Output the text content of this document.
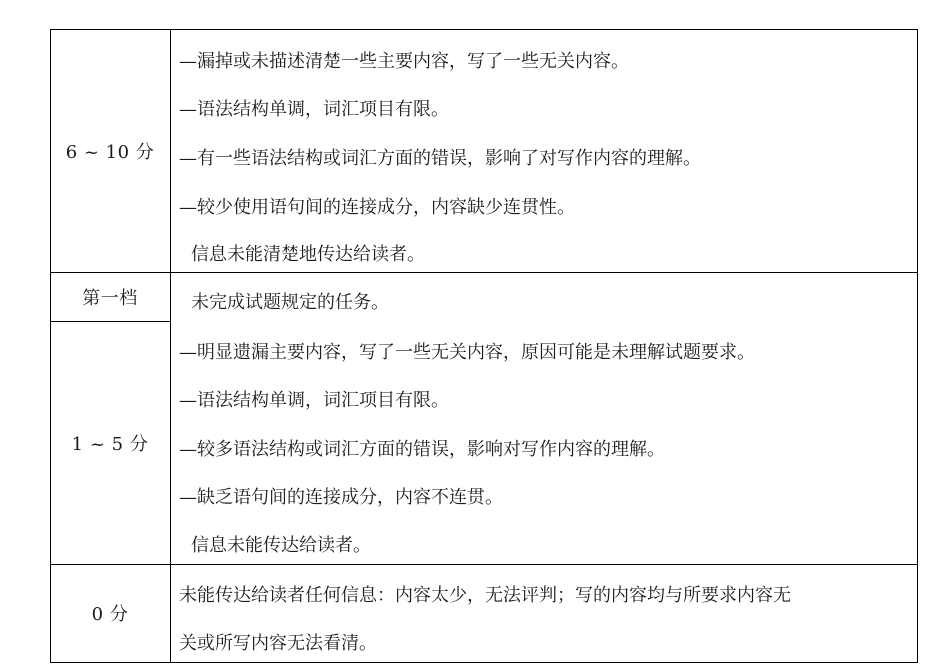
6 ~ 10 分
—漏掉或未描述清楚一些主要内容，写了一些无关内容。
—语法结构单调，词汇项目有限。
—有一些语法结构或词汇方面的错误，影响了对写作内容的理解。
—较少使用语句间的连接成分，内容缺少连贯性。
信息未能清楚地传达给读者。
第一档
1 ~ 5 分
未完成试题规定的任务。
—明显遗漏主要内容，写了一些无关内容，原因可能是未理解试题要求。
—语法结构单调，词汇项目有限。
—较多语法结构或词汇方面的错误，影响对写作内容的理解。
—缺乏语句间的连接成分，内容不连贯。
信息未能传达给读者。
0 分
未能传达给读者任何信息：内容太少，无法评判；写的内容均与所要求内容无
关或所写内容无法看清。
